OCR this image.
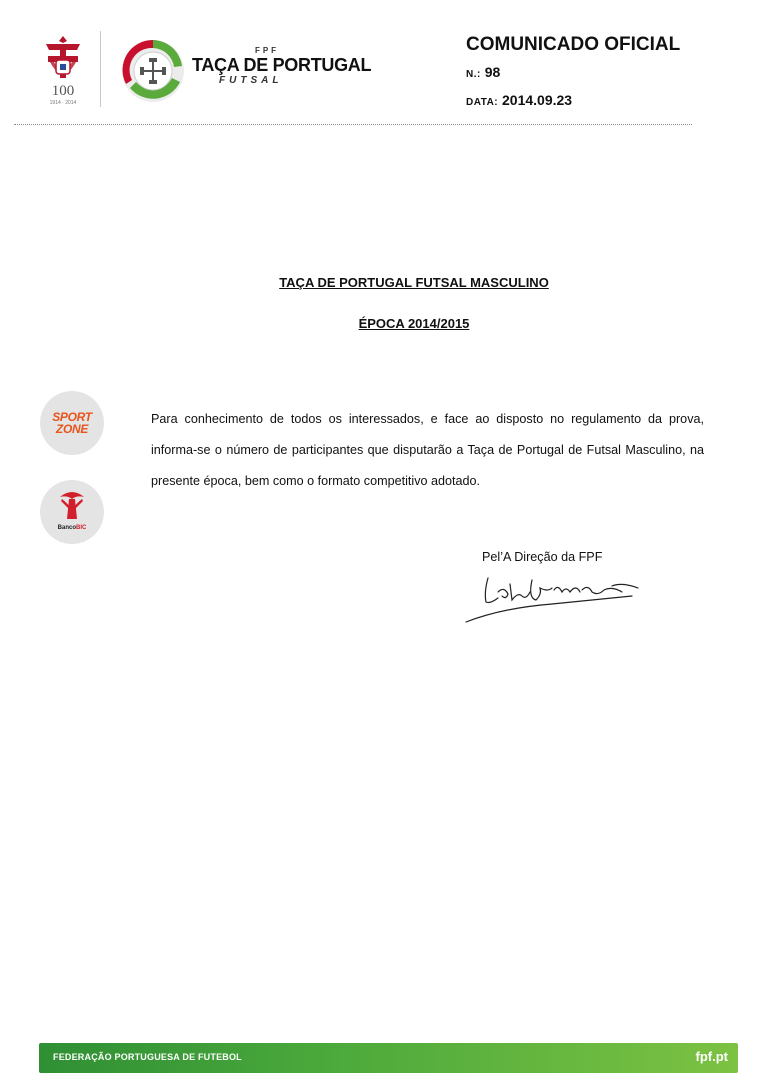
100
1914 · 2014
FPF
TAÇA DE PORTUGAL
FUTSAL
COMUNICADO OFICIAL
N.: 98
DATA: 2014.09.23
TAÇA DE PORTUGAL FUTSAL MASCULINO
ÉPOCA 2014/2015
SPORT
ZONE
BancoBIC
Para conhecimento de todos os interessados, e face ao disposto no regulamento da prova, informa-se o número de participantes que disputarão a Taça de Portugal de Futsal Masculino, na presente época, bem como o formato competitivo adotado.
Pel’A Direção da FPF
FEDERAÇÃO PORTUGUESA DE FUTEBOL	fpf.pt
